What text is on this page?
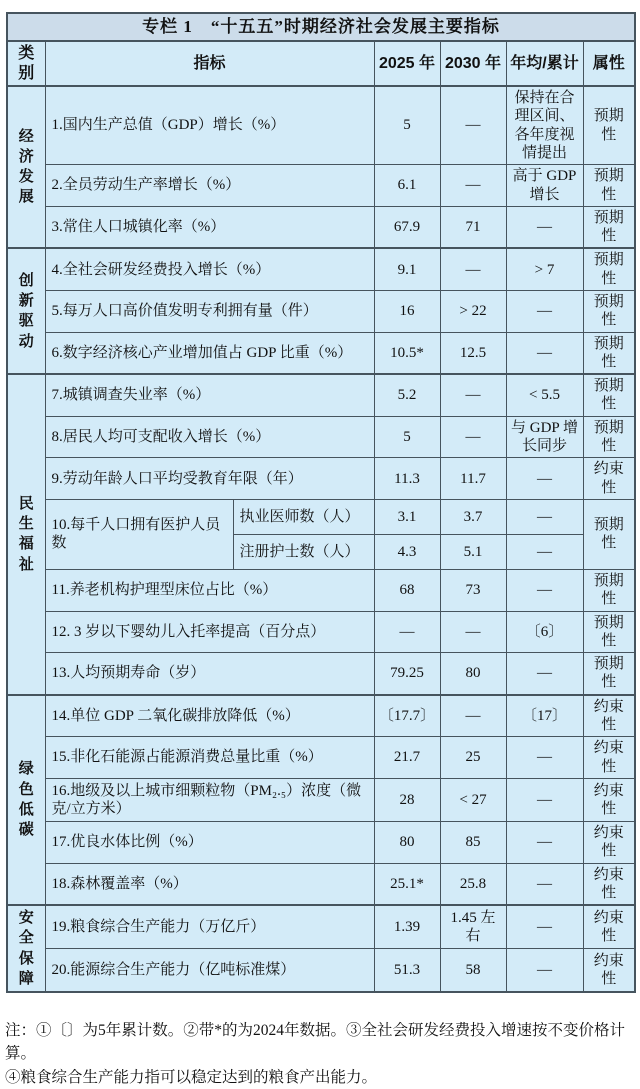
专栏 1　“十五五”时期经济社会发展主要指标						
类别	指标		2025 年	2030 年	年均/累计	属性
经济发展	1.国内生产总值（GDP）增长（%）		5	—	保持在合理区间、各年度视情提出	预期性
	2.全员劳动生产率增长（%）		6.1	—	高于 GDP 增长	预期性
	3.常住人口城镇化率（%）		67.9	71	—	预期性
创新驱动	4.全社会研发经费投入增长（%）		9.1	—	> 7	预期性
	5.每万人口高价值发明专利拥有量（件）		16	> 22	—	预期性
	6.数字经济核心产业增加值占 GDP 比重（%）		10.5*	12.5	—	预期性
民生福祉	7.城镇调查失业率（%）		5.2	—	< 5.5	预期性
	8.居民人均可支配收入增长（%）		5	—	与 GDP 增长同步	预期性
	9.劳动年龄人口平均受教育年限（年）		11.3	11.7	—	约束性
	10.每千人口拥有医护人员数	执业医师数（人）	3.1	3.7	—	预期性
		注册护士数（人）	4.3	5.1	—	
	11.养老机构护理型床位占比（%）		68	73	—	预期性
	12. 3 岁以下婴幼儿入托率提高（百分点）		—	—	〔6〕	预期性
	13.人均预期寿命（岁）		79.25	80	—	预期性
绿色低碳	14.单位 GDP 二氧化碳排放降低（%）		〔17.7〕	—	〔17〕	约束性
	15.非化石能源占能源消费总量比重（%）		21.7	25	—	约束性
	16.地级及以上城市细颗粒物（PM₂.₅）浓度（微克/立方米）		28	< 27	—	约束性
	17.优良水体比例（%）		80	85	—	约束性
	18.森林覆盖率（%）		25.1*	25.8	—	约束性
安全保障	19.粮食综合生产能力（万亿斤）		1.39	1.45 左右	—	约束性
	20.能源综合生产能力（亿吨标准煤）		51.3	58	—	约束性
注：①〔〕为5年累计数。②带*的为2024年数据。③全社会研发经费投入增速按不变价格计算。
④粮食综合生产能力指可以稳定达到的粮食产出能力。
